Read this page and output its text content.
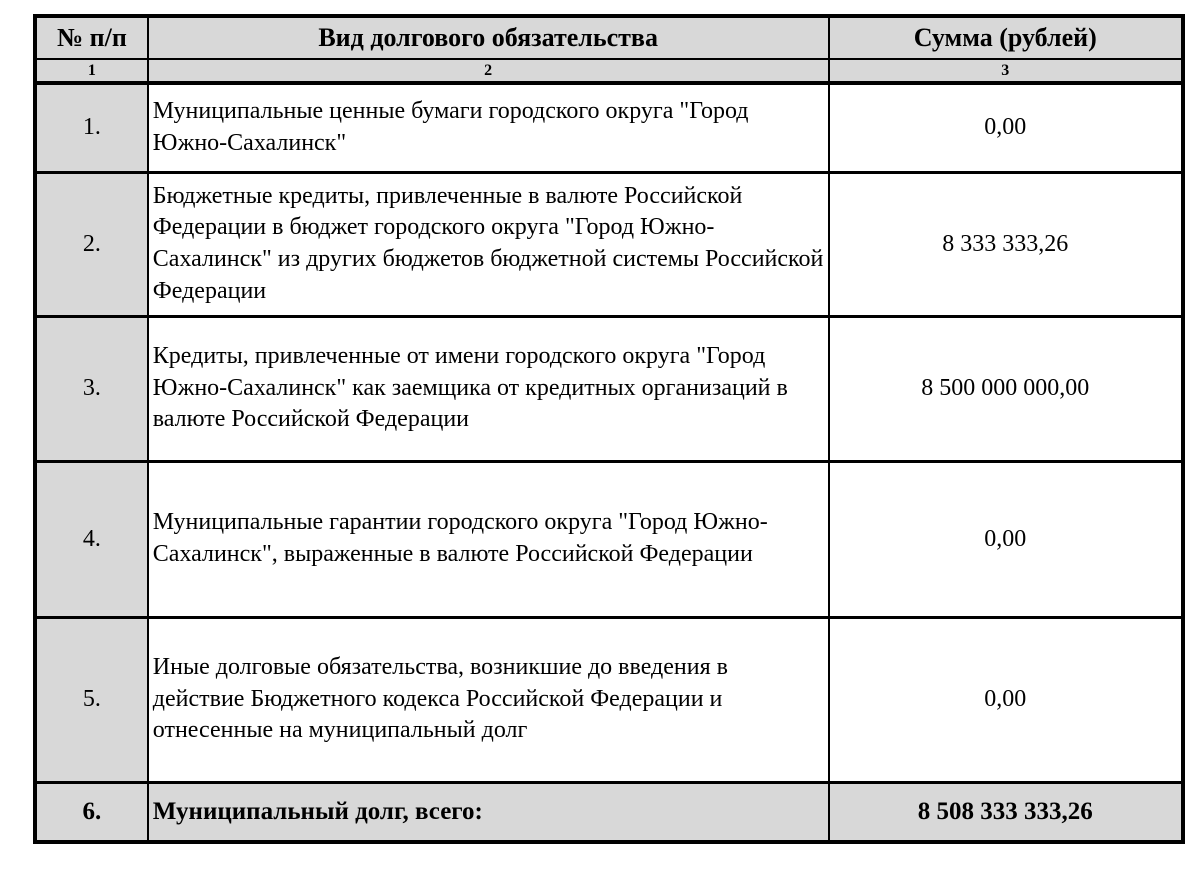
№ п/п	Вид долгового обязательства	Сумма (рублей)
1	2	3
1.	Муниципальные ценные бумаги городского округа "Город Южно-Сахалинск"	0,00
2.	Бюджетные кредиты, привлеченные в валюте Российской Федерации в бюджет городского округа "Город Южно-Сахалинск" из других бюджетов бюджетной системы Российской Федерации	8 333 333,26
3.	Кредиты, привлеченные от имени городского округа "Город Южно-Сахалинск" как заемщика от кредитных организаций в валюте Российской Федерации	8 500 000 000,00
4.	Муниципальные гарантии городского округа "Город Южно-Сахалинск", выраженные в валюте Российской Федерации	0,00
5.	Иные долговые обязательства, возникшие до введения в действие Бюджетного кодекса Российской Федерации и отнесенные на муниципальный долг	0,00
6.	Муниципальный долг, всего:	8 508 333 333,26
